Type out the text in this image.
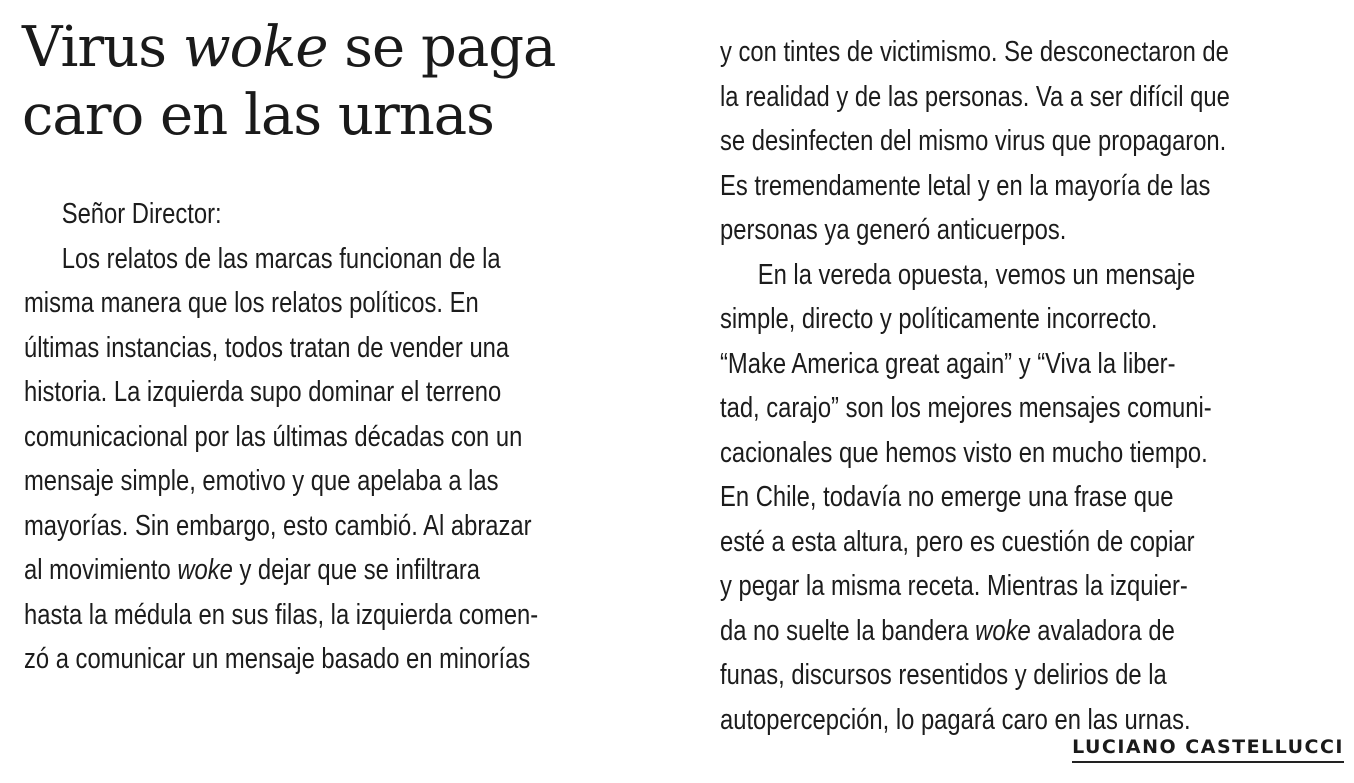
Virus woke se paga
caro en las urnas
Señor Director:
Los relatos de las marcas funcionan de la
misma manera que los relatos políticos. En
últimas instancias, todos tratan de vender una
historia. La izquierda supo dominar el terreno
comunicacional por las últimas décadas con un
mensaje simple, emotivo y que apelaba a las
mayorías. Sin embargo, esto cambió. Al abrazar
al movimiento woke y dejar que se infiltrara
hasta la médula en sus filas, la izquierda comen-
zó a comunicar un mensaje basado en minorías
y con tintes de victimismo. Se desconectaron de
la realidad y de las personas. Va a ser difícil que
se desinfecten del mismo virus que propagaron.
Es tremendamente letal y en la mayoría de las
personas ya generó anticuerpos.
En la vereda opuesta, vemos un mensaje
simple, directo y políticamente incorrecto.
“Make America great again” y “Viva la liber-
tad, carajo” son los mejores mensajes comuni-
cacionales que hemos visto en mucho tiempo.
En Chile, todavía no emerge una frase que
esté a esta altura, pero es cuestión de copiar
y pegar la misma receta. Mientras la izquier-
da no suelte la bandera woke avaladora de
funas, discursos resentidos y delirios de la
autopercepción, lo pagará caro en las urnas.
LUCIANO CASTELLUCCI
